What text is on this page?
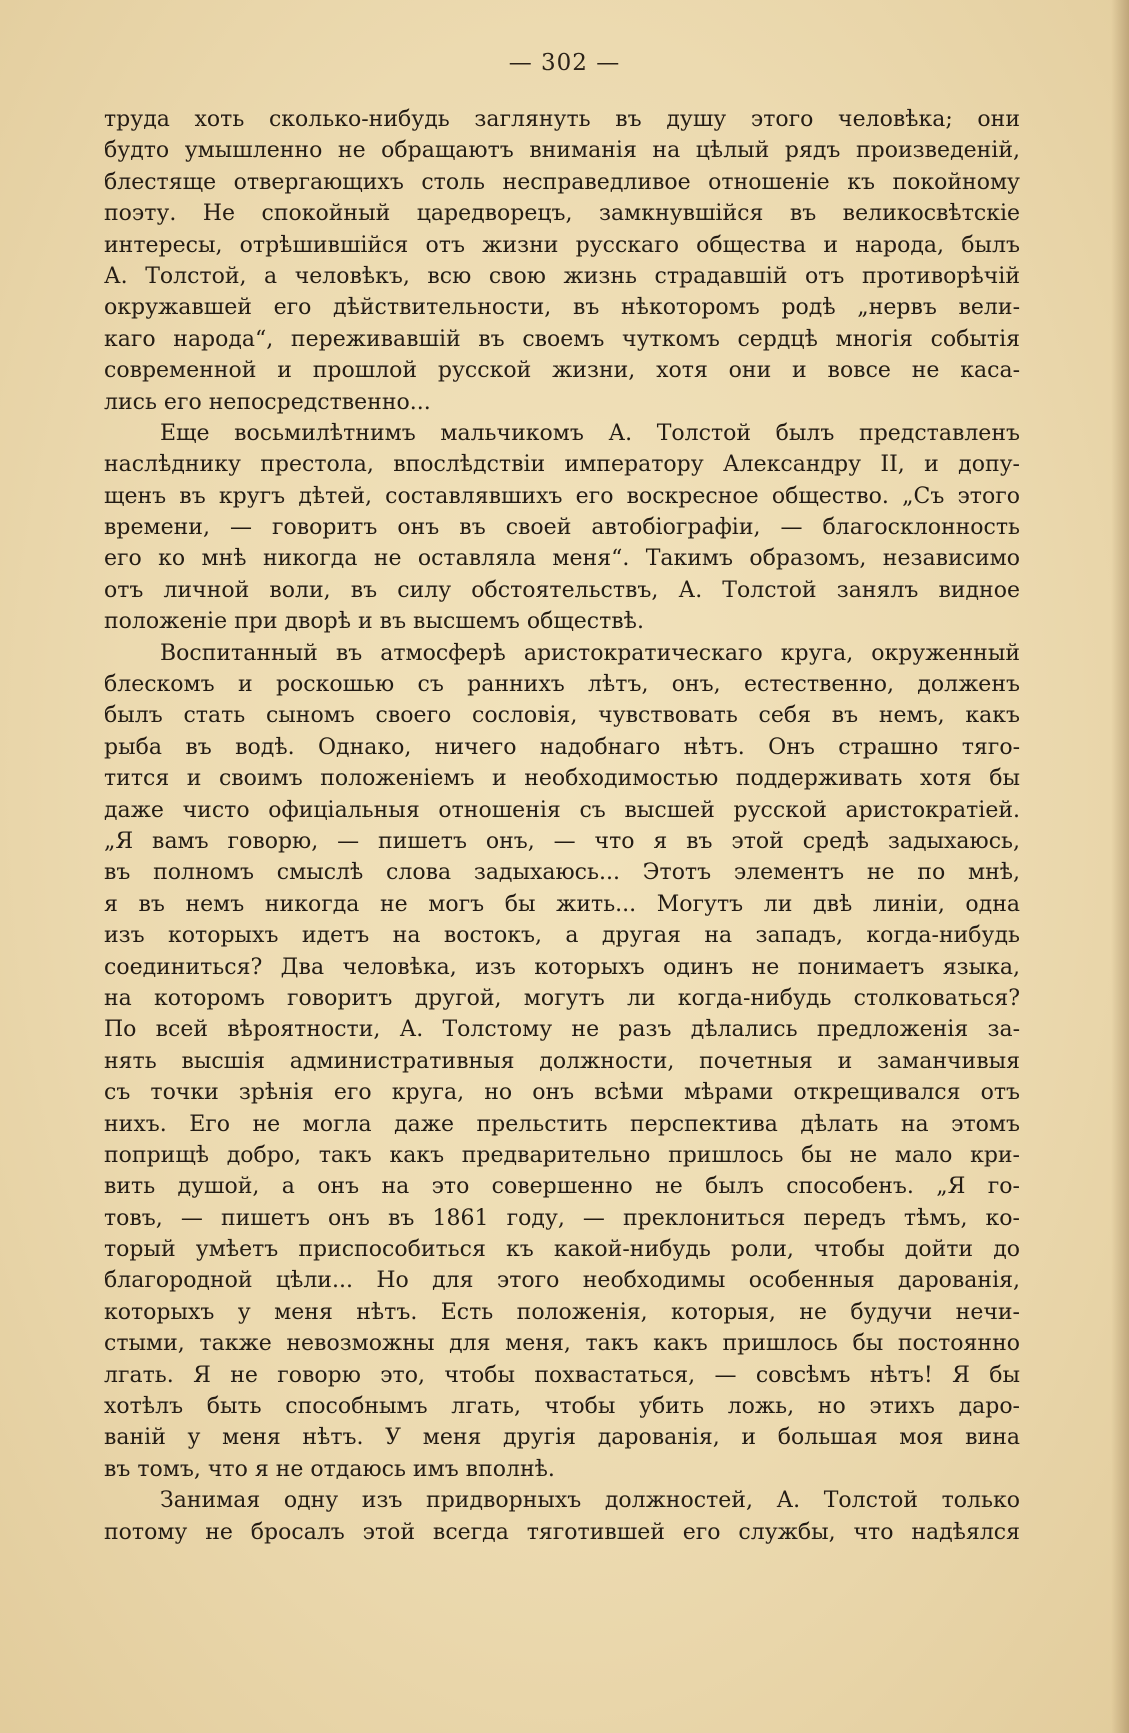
— 302 —
труда хоть сколько-нибудь заглянуть въ душу этого человѣка; они
будто умышленно не обращаютъ вниманія на цѣлый рядъ произведеній,
блестяще отвергающихъ столь несправедливое отношеніе къ покойному
поэту. Не спокойный царедворецъ, замкнувшійся въ великосвѣтскіе
интересы, отрѣшившійся отъ жизни русскаго общества и народа, былъ
А. Толстой, а человѣкъ, всю свою жизнь страдавшій отъ противорѣчій
окружавшей его дѣйствительности, въ нѣкоторомъ родѣ „нервъ вели-
каго народа“, переживавшій въ своемъ чуткомъ сердцѣ многія событія
современной и прошлой русской жизни, хотя они и вовсе не каса-
лись его непосредственно...
Еще восьмилѣтнимъ мальчикомъ А. Толстой былъ представленъ
наслѣднику престола, впослѣдствіи императору Александру II, и допу-
щенъ въ кругъ дѣтей, составлявшихъ его воскресное общество. „Съ этого
времени, — говоритъ онъ въ своей автобіографіи, — благосклонность
его ко мнѣ никогда не оставляла меня“. Такимъ образомъ, независимо
отъ личной воли, въ силу обстоятельствъ, А. Толстой занялъ видное
положеніе при дворѣ и въ высшемъ обществѣ.
Воспитанный въ атмосферѣ аристократическаго круга, окруженный
блескомъ и роскошью съ раннихъ лѣтъ, онъ, естественно, долженъ
былъ стать сыномъ своего сословія, чувствовать себя въ немъ, какъ
рыба въ водѣ. Однако, ничего надобнаго нѣтъ. Онъ страшно тяго-
тится и своимъ положеніемъ и необходимостью поддерживать хотя бы
даже чисто офиціальныя отношенія съ высшей русской аристократіей.
„Я вамъ говорю, — пишетъ онъ, — что я въ этой средѣ задыхаюсь,
въ полномъ смыслѣ слова задыхаюсь... Этотъ элементъ не по мнѣ,
я въ немъ никогда не могъ бы жить... Могутъ ли двѣ линіи, одна
изъ которыхъ идетъ на востокъ, а другая на западъ, когда-нибудь
соединиться? Два человѣка, изъ которыхъ одинъ не понимаетъ языка,
на которомъ говоритъ другой, могутъ ли когда-нибудь столковаться?
По всей вѣроятности, А. Толстому не разъ дѣлались предложенія за-
нять высшія административныя должности, почетныя и заманчивыя
съ точки зрѣнія его круга, но онъ всѣми мѣрами открещивался отъ
нихъ. Его не могла даже прельстить перспектива дѣлать на этомъ
поприщѣ добро, такъ какъ предварительно пришлось бы не мало кри-
вить душой, а онъ на это совершенно не былъ способенъ. „Я го-
товъ, — пишетъ онъ въ 1861 году, — преклониться передъ тѣмъ, ко-
торый умѣетъ приспособиться къ какой-нибудь роли, чтобы дойти до
благородной цѣли... Но для этого необходимы особенныя дарованія,
которыхъ у меня нѣтъ. Есть положенія, которыя, не будучи нечи-
стыми, также невозможны для меня, такъ какъ пришлось бы постоянно
лгать. Я не говорю это, чтобы похвастаться, — совсѣмъ нѣтъ! Я бы
хотѣлъ быть способнымъ лгать, чтобы убить ложь, но этихъ даро-
ваній у меня нѣтъ. У меня другія дарованія, и большая моя вина
въ томъ, что я не отдаюсь имъ вполнѣ.
Занимая одну изъ придворныхъ должностей, А. Толстой только
потому не бросалъ этой всегда тяготившей его службы, что надѣялся
